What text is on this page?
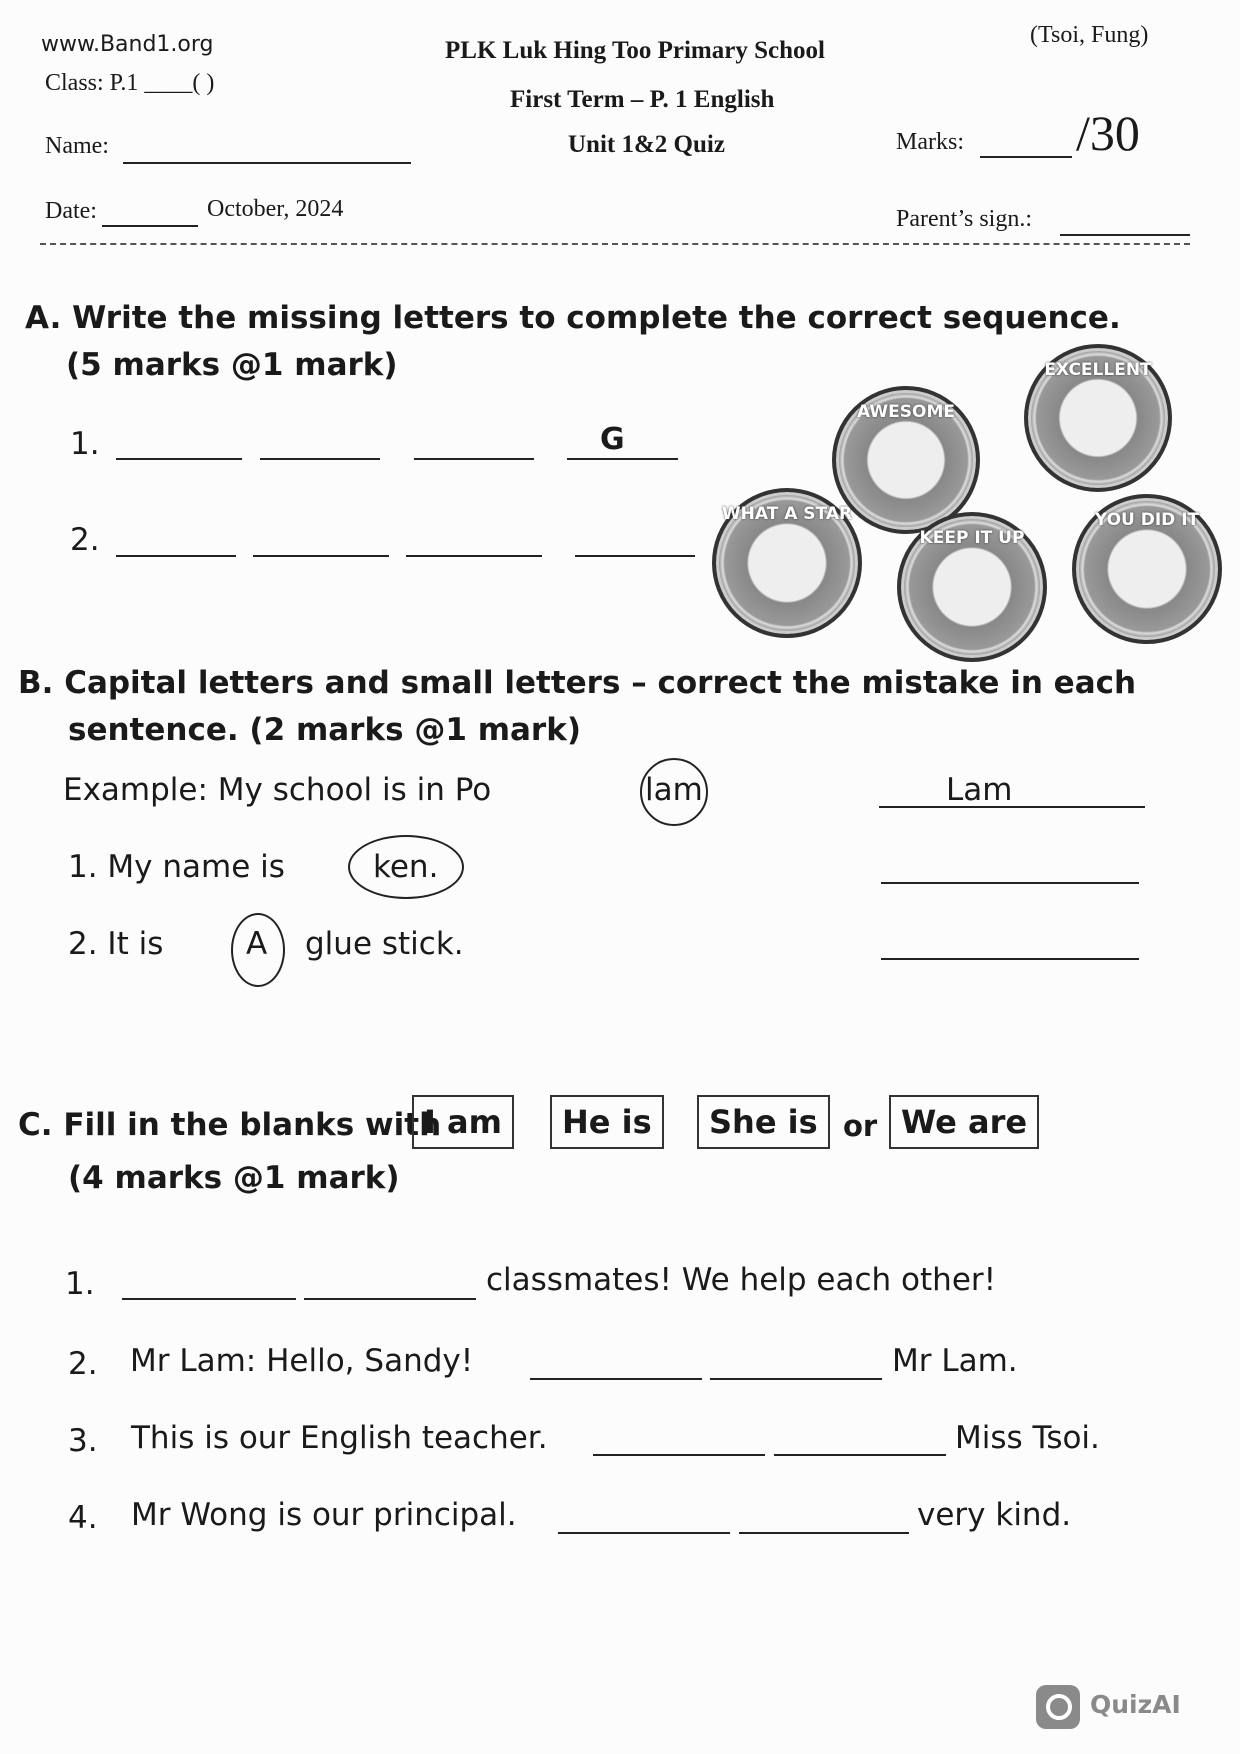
www.Band1.org
Class: P.1 ____( )
PLK Luk Hing Too Primary School
(Tsoi, Fung)
First Term – P. 1 English
Name:	Unit 1&2 Quiz	Marks: /30
Date:	October, 2024	Parent’s sign.:
A. Write the missing letters to complete the correct sequence.
(5 marks @1 mark)
1.	G
2.
AWESOME
EXCELLENT
WHAT A STAR
KEEP IT UP
YOU DID IT
B. Capital letters and small letters – correct the mistake in each
sentence. (2 marks @1 mark)
Example: My school is in Po	lam	Lam
1. My name is	ken.
2. It is	A glue stick.
C. Fill in the blanks with
I am	He is	She is or We are
(4 marks @1 mark)
1.	classmates! We help each other!
2. Mr Lam: Hello, Sandy!	Mr Lam.
3. This is our English teacher.	Miss Tsoi.
4. Mr Wong is our principal.	very kind.
QuizAI
